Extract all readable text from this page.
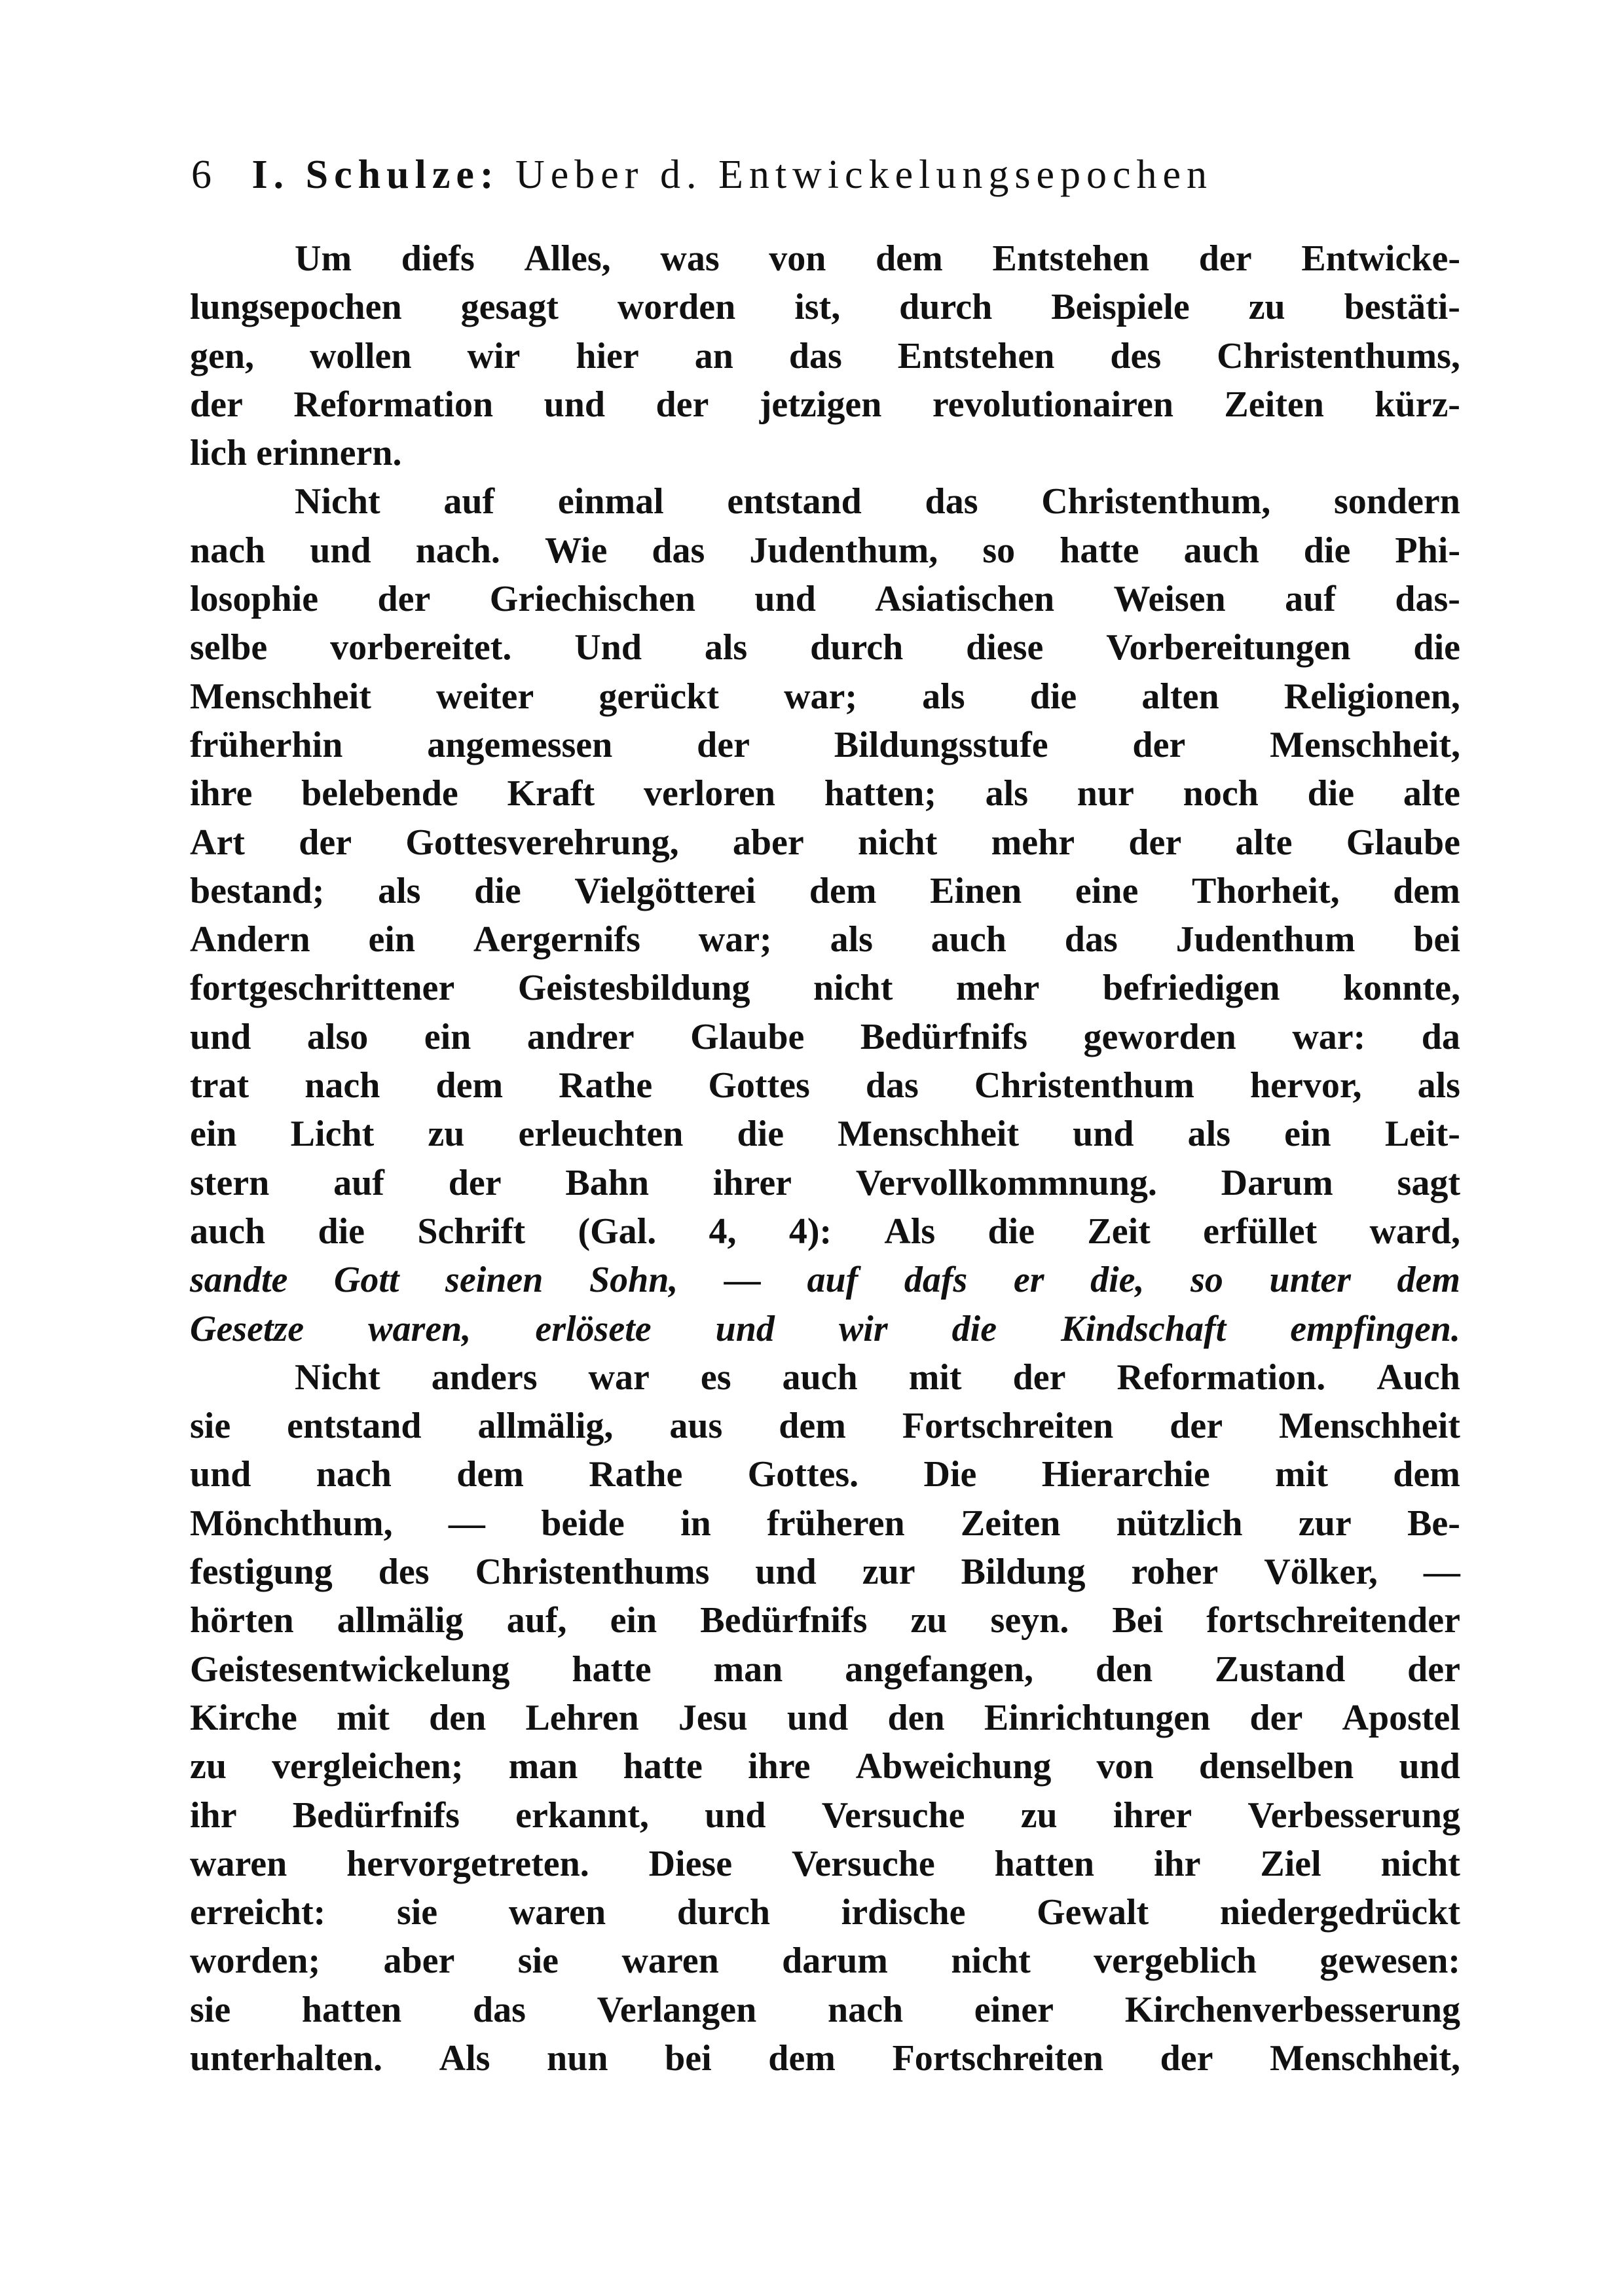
6 I. Schulze: Ueber d. Entwickelungsepochen
Um diefs Alles, was von dem Entstehen der Entwicke-
lungsepochen gesagt worden ist, durch Beispiele zu bestäti-
gen, wollen wir hier an das Entstehen des Christenthums,
der Reformation und der jetzigen revolutionairen Zeiten kürz-
lich erinnern.
Nicht auf einmal entstand das Christenthum, sondern
nach und nach. Wie das Judenthum, so hatte auch die Phi-
losophie der Griechischen und Asiatischen Weisen auf das-
selbe vorbereitet. Und als durch diese Vorbereitungen die
Menschheit weiter gerückt war; als die alten Religionen,
früherhin angemessen der Bildungsstufe der Menschheit,
ihre belebende Kraft verloren hatten; als nur noch die alte
Art der Gottesverehrung, aber nicht mehr der alte Glaube
bestand; als die Vielgötterei dem Einen eine Thorheit, dem
Andern ein Aergernifs war; als auch das Judenthum bei
fortgeschrittener Geistesbildung nicht mehr befriedigen konnte,
und also ein andrer Glaube Bedürfnifs geworden war: da
trat nach dem Rathe Gottes das Christenthum hervor, als
ein Licht zu erleuchten die Menschheit und als ein Leit-
stern auf der Bahn ihrer Vervollkommnung. Darum sagt
auch die Schrift (Gal. 4, 4): Als die Zeit erfüllet ward,
sandte Gott seinen Sohn, — auf dafs er die, so unter dem
Gesetze waren, erlösete und wir die Kindschaft empfingen.
Nicht anders war es auch mit der Reformation. Auch
sie entstand allmälig, aus dem Fortschreiten der Menschheit
und nach dem Rathe Gottes. Die Hierarchie mit dem
Mönchthum, — beide in früheren Zeiten nützlich zur Be-
festigung des Christenthums und zur Bildung roher Völker, —
hörten allmälig auf, ein Bedürfnifs zu seyn. Bei fortschreitender
Geistesentwickelung hatte man angefangen, den Zustand der
Kirche mit den Lehren Jesu und den Einrichtungen der Apostel
zu vergleichen; man hatte ihre Abweichung von denselben und
ihr Bedürfnifs erkannt, und Versuche zu ihrer Verbesserung
waren hervorgetreten. Diese Versuche hatten ihr Ziel nicht
erreicht: sie waren durch irdische Gewalt niedergedrückt
worden; aber sie waren darum nicht vergeblich gewesen:
sie hatten das Verlangen nach einer Kirchenverbesserung
unterhalten. Als nun bei dem Fortschreiten der Menschheit,
